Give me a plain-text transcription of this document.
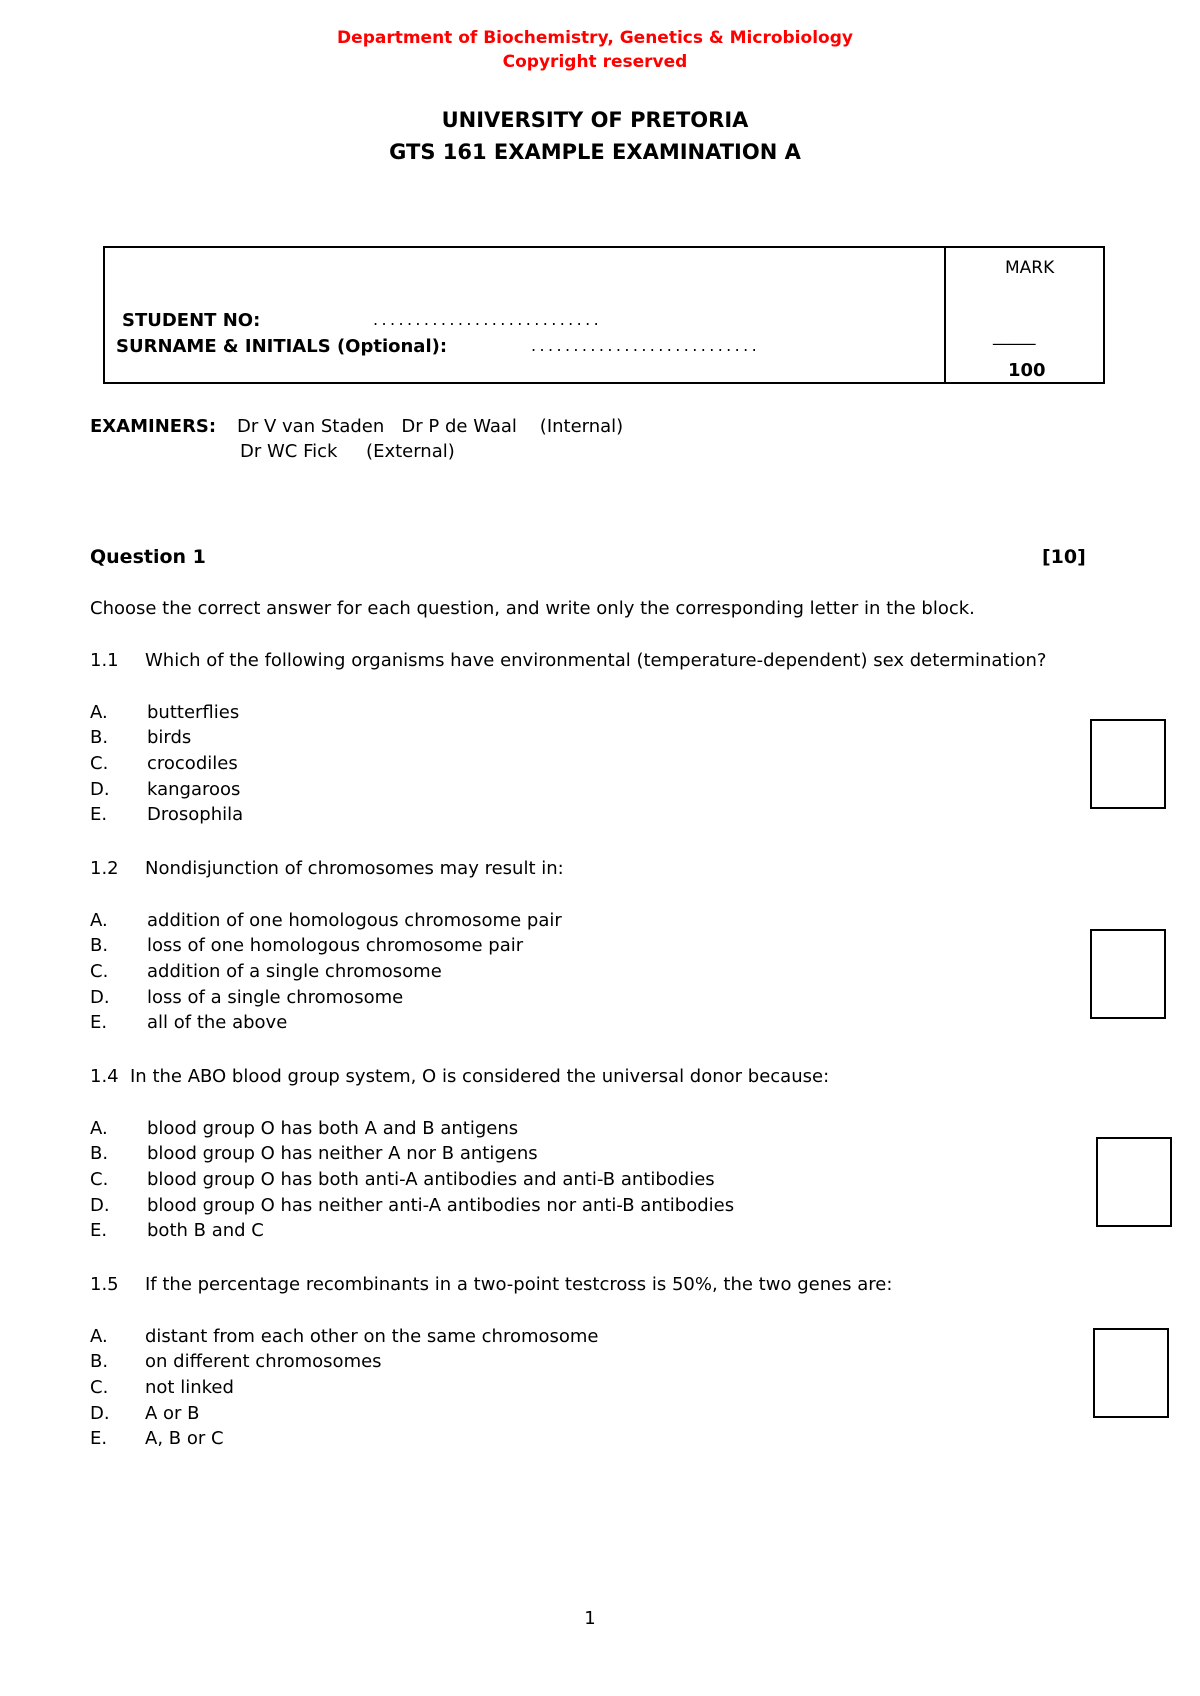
Department of Biochemistry, Genetics & Microbiology
Copyright reserved
UNIVERSITY OF PRETORIA
GTS 161 EXAMPLE EXAMINATION A
STUDENT NO:	...........................
SURNAME & INITIALS (Optional):	...........................
MARK
_____
100
EXAMINERS: Dr V van Staden   Dr P de Waal    (Internal)
Dr WC Fick     (External)
Question 1	[10]
Choose the correct answer for each question, and write only the corresponding letter in the block.
1.1 Which of the following organisms have environmental (temperature-dependent) sex determination?
A.	butterflies
B.	birds
C.	crocodiles
D.	kangaroos
E.	Drosophila
1.2 Nondisjunction of chromosomes may result in:
A. addition of one homologous chromosome pair
B. loss of one homologous chromosome pair
C. addition of a single chromosome
D. loss of a single chromosome
E. all of the above
1.4 In the ABO blood group system, O is considered the universal donor because:
A. blood group O has both A and B antigens
B. blood group O has neither A nor B antigens
C. blood group O has both anti-A antibodies and anti-B antibodies
D. blood group O has neither anti-A antibodies nor anti-B antibodies
E. both B and C
1.5 If the percentage recombinants in a two-point testcross is 50%, the two genes are:
A. distant from each other on the same chromosome
B. on different chromosomes
C. not linked
D. A or B
E. A, B or C
1
